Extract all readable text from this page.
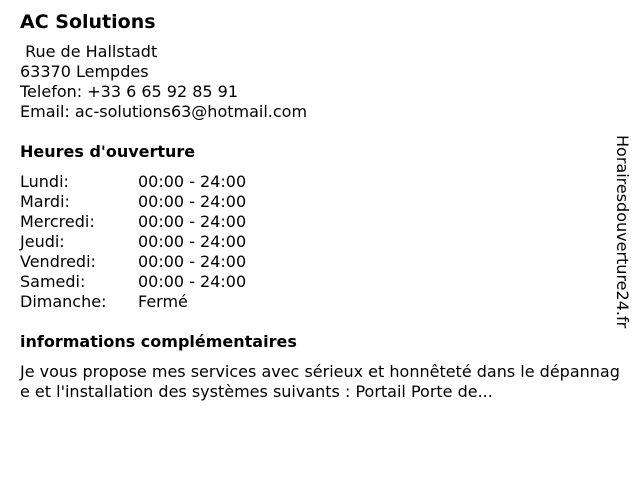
AC Solutions
Rue de Hallstadt
63370 Lempdes
Telefon: +33 6 65 92 85 91
Email: ac-solutions63@hotmail.com
Heures d'ouverture
Lundi:	00:00 - 24:00
Mardi:	00:00 - 24:00
Mercredi:	00:00 - 24:00
Jeudi:	00:00 - 24:00
Vendredi:	00:00 - 24:00
Samedi:	00:00 - 24:00
Dimanche:	Fermé
informations complémentaires
Je vous propose mes services avec sérieux et honnêteté dans le dépannage et l'installation des systèmes suivants : Portail Porte de...
Horairesdouverture24.fr
